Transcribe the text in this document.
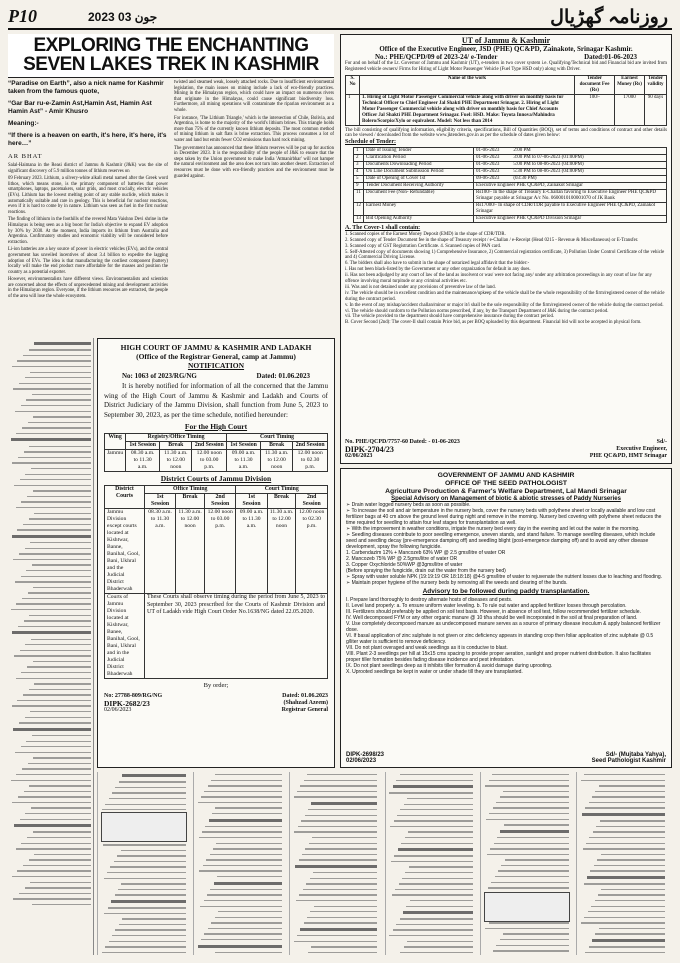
P10	2023 جون 03	روزنامہ گھڑیال
EXPLORING THE ENCHANTING
SEVEN LAKES TREK IN KASHMIR
“Paradise on Earth”, also a nick name for Kashmir taken from the famous quote,
“Gar Bar ru-e-Zamin Ast,Hamin Ast, Hamin Ast Hamin Ast” - Amir Khusro
Meaning:-
“If there is a heaven on earth, it's here, it's here, it's here…”
AR BHAT

Salal-Haimana in the Reasi district of Jammu & Kashmir (J&K) was the site of significant discovery of 5.9 million tonnes of lithium reserves on

09 February 2023. Lithium, a silvery-white alkali metal named after the Greek word lithos, which means stone, is the primary component of batteries that power smartphones, laptops, pacemakers, solar grids, and most crucially, electric vehicles (EVs). Lithium has the lowest melting point of any stable nuclide, which makes it automatically suitable and rare in geology. This is beneficial for nuclear reactions, even if it is hard to come by in nature. Lithium was seen as fuel in the first nuclear reactions.

The finding of lithium in the foothills of the revered Mata Vaishno Devi shrine in the Himalayas is being seen as a big boost for India's objective to expand EV adoption by 30% by 2030. At the moment, India imports its lithium from Australia and Argentina. Confirmatory studies and economic viability will be considered before extraction.

Li-ion batteries are a key source of power in electric vehicles (EVs), and the central government has unveiled incentives of about 3.4 billion to expedite the lagging adoption of EVs. The idea is that manufacturing the costliest component (battery) locally will make the end product more affordable for the masses and position the country as a potential exporter.

However, environmentalists have different views. Environmentalists and scientists are concerned about the effects of unprecedented mining and development activities in the Himalayan region. Everyone, if the lithium resources are extracted, the people of the area will lose the whole ecosystem.

twisted and steamed weak, loosely attached rocks. Due to insufficient environmental legislation, the main issues on mining include a lack of eco-friendly practices. Mining in the Himalayan region, which could have an impact on numerous rivers that originate in the Himalayas, could cause significant biodiversity loss. Furthermore, all mining operations will contaminate the riparian environment as a whole.

For instance, 'The Lithium Triangle,' which is the intersection of Chile, Bolivia, and Argentina, is home to the majority of the world's lithium brines. This triangle holds more than 75% of the currently known lithium deposits. The most common method of mining lithium in salt flats is brine extraction. This process consumes a lot of water and land but emits fewer CO2 emissions than hard rock mining.

The government has announced that these lithium reserves will be put up for auction in December 2023. It is the responsibility of the people of J&K to ensure that the steps taken by the Union government to make India 'Atmanirbhar' will not hamper the natural environment and the area does not turn into another desert. Extraction of resources must be done with eco-friendly practices and the environment must be guarded against.

UT of Jammu & Kashmir
Office of the Executive Engineer, JSD (PHE) QC&PD, Zainakote, Srinagar Kashmir.
No.: PHE/QCPD/09 of 2023-24/ e-Tender	Dated:01-06-2023
For and on behalf of the Lt. Governor of Jammu and Kashmir (UT), e-tenders in two cover system i.e. Qualifying/Technical bid and Financial bid are invited from Registered vehicle owners/ Firms for Hiring of Light Motor Passenger Vehicle (Fuel Type HSD only) along with Driver.
S. No	Name of the work	Tender document Fee (Rs)	Earnest Money (Rs)	Tender validity
1	1. Hiring of Light Motor Passenger Commercial vehicle along with driver on monthly basis for Technical Officer to Chief Engineer Jal Shakti PHE Department Srinagar. 2. Hiring of Light Motor Passenger Commercial vehicle along with driver on monthly basis for Chief Accounts Officer Jal Shakti PHE Department Srinagar. Fuel: HSD. Make: Toyota Innova/Mahindra Bolero/Scorpio/Xylo or equivalent. Model: Not less than 2014	100/-	17000	90 days
The bill consisting of qualifying information, eligibility criteria, specifications, Bill of Quantities (BOQ), set of terms and conditions of contract and other details can be viewed / downloaded from the website www.jktenders.gov.in as per the schedule of dates given below:
Schedule of Tender:
1	Date of Issuing Tender	01-06-2023 2:00 PM
2	Clarification Period	01-06-2023 3:00 PM to 07-06-2023 (01:00PM)
3	Documents Downloading Period	01-06-2023 5:00 PM to 08-06-2023 (04:00PM)
4	On Line Document Submission Period	01-06-2023 5:30 PM to 08-06-2023 (04:00PM)
5	Date of Opening of Cover 1st	09-06-2023 (03:30 PM)
9	Tender Document Receiving Authority	Executive Engineer PHE QC&PD, Zainakot Srinagar
11	Document Fee (Non- Refundable)	Rs100/- In the shape of Treasury E-Challan favoring to Executive Engineer PHE QC&PD Srinagar payable at Srinagar A/c No. 0600010100001070 of JK Bank
12	Earnest Money	Rs17000/- In shape of CDR/TDR payable to Executive Engineer PHE QC&PD, Zainakot Srinagar
13	Bid Opening Authority	Executive Engineer PHE QC&PD Division Srinagar
A. The Cover-1 shall contain:
1. Scanned copies of the Earnest Money Deposit (EMD) in the shape of CDR/TDR.
2. Scanned copy of Tender Document fee in the shape of Treasury receipt / e-Challan / e-Receipt (Head 0215 - Revenue & Miscellaneous) or E-Transfer.
3. Scanned copy of GST Registration Certificate. 4. Scanned copies of PAN card.
5. Self-Attested copy of documents showing 1) Comprehensive Insurance, 2) Commercial registration certificate, 3) Pollution Under Control Certificate of the vehicle and 4) Commercial Driving License.
6. The bidders shall also have to submit in the shape of notarized legal affidavit that the bidder:-
i. Has not been black-listed by the Government or any other organization for default in any dues.
ii. Has not been adjudged by any court of law of the land as insolvent or was/ were not facing any/ under any arbitration proceedings in any court of law for any offence involving moral turpitude or any criminal activities etc.
iii. Was and is not detained under any provisions of preventive law of the land.
iv. The vehicle should be in excellent condition and the maintenance/upkeep of the vehicle shall be the whole responsibility of the firm/registered owner of the vehicle during the contract period.
v. In the event of any mishap/accident challan/minor or major it/i shall be the sole responsibility of the firm/registered owner of the vehicle during the contract period.
vi. The vehicle should conform to the Pollution norms prescribed, if any, by the Transport Department of J&K during the contract period.
vii. The vehicle provided to the department should have comprehensive insurance during the contract period.
B. Cover Second (2nd): The cover-II shall contain Price bid, as per BOQ uploaded by this department. Financial bid will not be accepted in physical form.
No. PHE/QCPD/7757-60 Dated: - 01-06-2023
DIPK-2704/23
02/06/2023
Sd/-
Executive Engineer,
PHE QC&PD, HMT Srinagar
HIGH COURT OF JAMMU & KASHMIR AND LADAKH
(Office of the Registrar General, camp at Jammu)
NOTIFICATION
No: 1063 of 2023/RG/NG	Dated: 01.06.2023
It is hereby notified for information of all the concerned that the Jammu wing of the High Court of Jammu & Kashmir and Ladakh and Courts of District Judiciary of the Jammu Division, shall function from June 5, 2023 to September 30, 2023, as per the time schedule, notified hereunder:
For the High Court
Wing	Registry/Office Timing			Court Timing		
	1st Session	Break	2nd Session	1st Session	Break	2nd Session
Jammu	08.30 a.m. to 11.30 a.m.	11.30 a.m. to 12.00 noon	12.00 noon to 03.00 p.m.	09.00 a.m. to 11.30 a.m.	11.30 a.m. to 12.00 noon	12.00 noon to 02.30 p.m.
District Courts of Jammu Division
District Courts	Office Timing			Court Timing		
	1st Session	Break	2nd Session	1st Session	Break	2nd Session
Jammu Division except courts located at Kishtwar, Banne, Banihal, Gool, Bani, Ukhral and the Judicial District Bhaderwah	08.30 a.m. to 11.30 a.m.	11.30 a.m. to 12.00 noon	12.00 noon to 03.00 p.m.	09.00 a.m. to 11.30 a.m.	11.30 a.m. to 12.00 noon	12.00 noon to 02.30 p.m.
Courts of Jammu Division located at Kishtwar, Banee, Banihal, Gool, Bani, Ukhral and in the Judicial District Bhaderwah	These Courts shall observe timing during the period from June 5, 2023 to September 30, 2023 prescribed for the Courts of Kashmir Division and UT of Ladakh vide High Court Order No.1638/NG dated 22.05.2020.					
By order;
No: 27788-809/RG/NG
DIPK-2682/23
02/06/2023
Dated: 01.06.2023
(Shahzad Azeem)
Registrar General
GOVERNMENT OF JAMMU AND KASHMIR
OFFICE OF THE SEED PATHOLOGIST
Agriculture Production & Farmer's Welfare Department, Lal Mandi Srinagar
Special Advisory on Management of biotic & abiotic stresses of Paddy Nurseries
➢ Drain water logged nursery beds as soon as possible.
➢ To increase the soil and air temperature in the nursery beds, cover the nursery beds with polythene sheet or locally available and low cost fertilizer bags at 40 cm above the ground level during night and remove in the morning. Nursery bed covering with polythene sheet reduces the time required for seedling to attain four leaf stages for transplantation as well.
➢ With the improvement in weather conditions, irrigate the nursery bed every day in the evening and let out the water in the morning.
➢ Seedling diseases contribute to poor seedling emergence, uneven stands, and stand failure. To manage seedling diseases, which include seed and seedling decay (pre-emergence damping off) and seedling blight (post-emergence damping off) and to avoid any other disease development, spray the following fungicide.
1. Carbendazim 12% + Mancozeb 63% WP @ 2.5 gms/litre of water OR
2. Mancozeb 75% WP @ 2.5gms/litre of water OR
3. Copper Oxychloride 50%WP @3gms/litre of water
(Before spraying the fungicide, drain out the water from the nursery bed)
➢ Spray with water soluble NPK (19:19:19 OR 18:18:18) @4-5 gms/litre of water to rejuvenate the nutrient losses due to leaching and flooding.
➢ Maintain proper hygiene of the nursery beds by removing all the weeds and clearing of the bunds.
Advisory to be followed during paddy transplantation.
I. Prepare land thoroughly to destroy alternate hosts of diseases and pests.
II. Level land properly: a. To ensure uniform water leveling. b. To rule out water and applied fertilizer losses through percolation.
III. Fertilizers should preferably be applied on soil test basis. However, in absence of soil test, follow recommended fertilizer schedule.
IV. Well decomposed FYM or any other organic manure @ 10 t/ha should be well incorporated in the soil at final preparation of land.
V. Use completely decomposed manure as undecomposed manure serves as a source of primary disease inoculum & apply balanced fertilizer dose.
VI. If basal application of zinc sulphate is not given or zinc deficiency appears in standing crop then foliar application of zinc sulphate @ 0.5 g/liter water is sufficient to remove deficiency.
VII. Do not plant overaged and weak seedlings as it is conducive to blast.
VIII. Plant 2-3 seedlings per hill at 15x15 cms spacing to provide proper aeration, sunlight and proper nutrient distribution. It also facilitates proper tiller formation besides fading disease incidence and pest infestation.
IX. Do not plant seedlings deep as it inhibits tiller formation & avoid damage during uprooting.
X. Uprooted seedlings be kept in water or under shade till they are transplanted.
DIPK-2698/23
02/06/2023
Sd/- (Mujtaba Yahya),
Seed Pathologist Kashmir
